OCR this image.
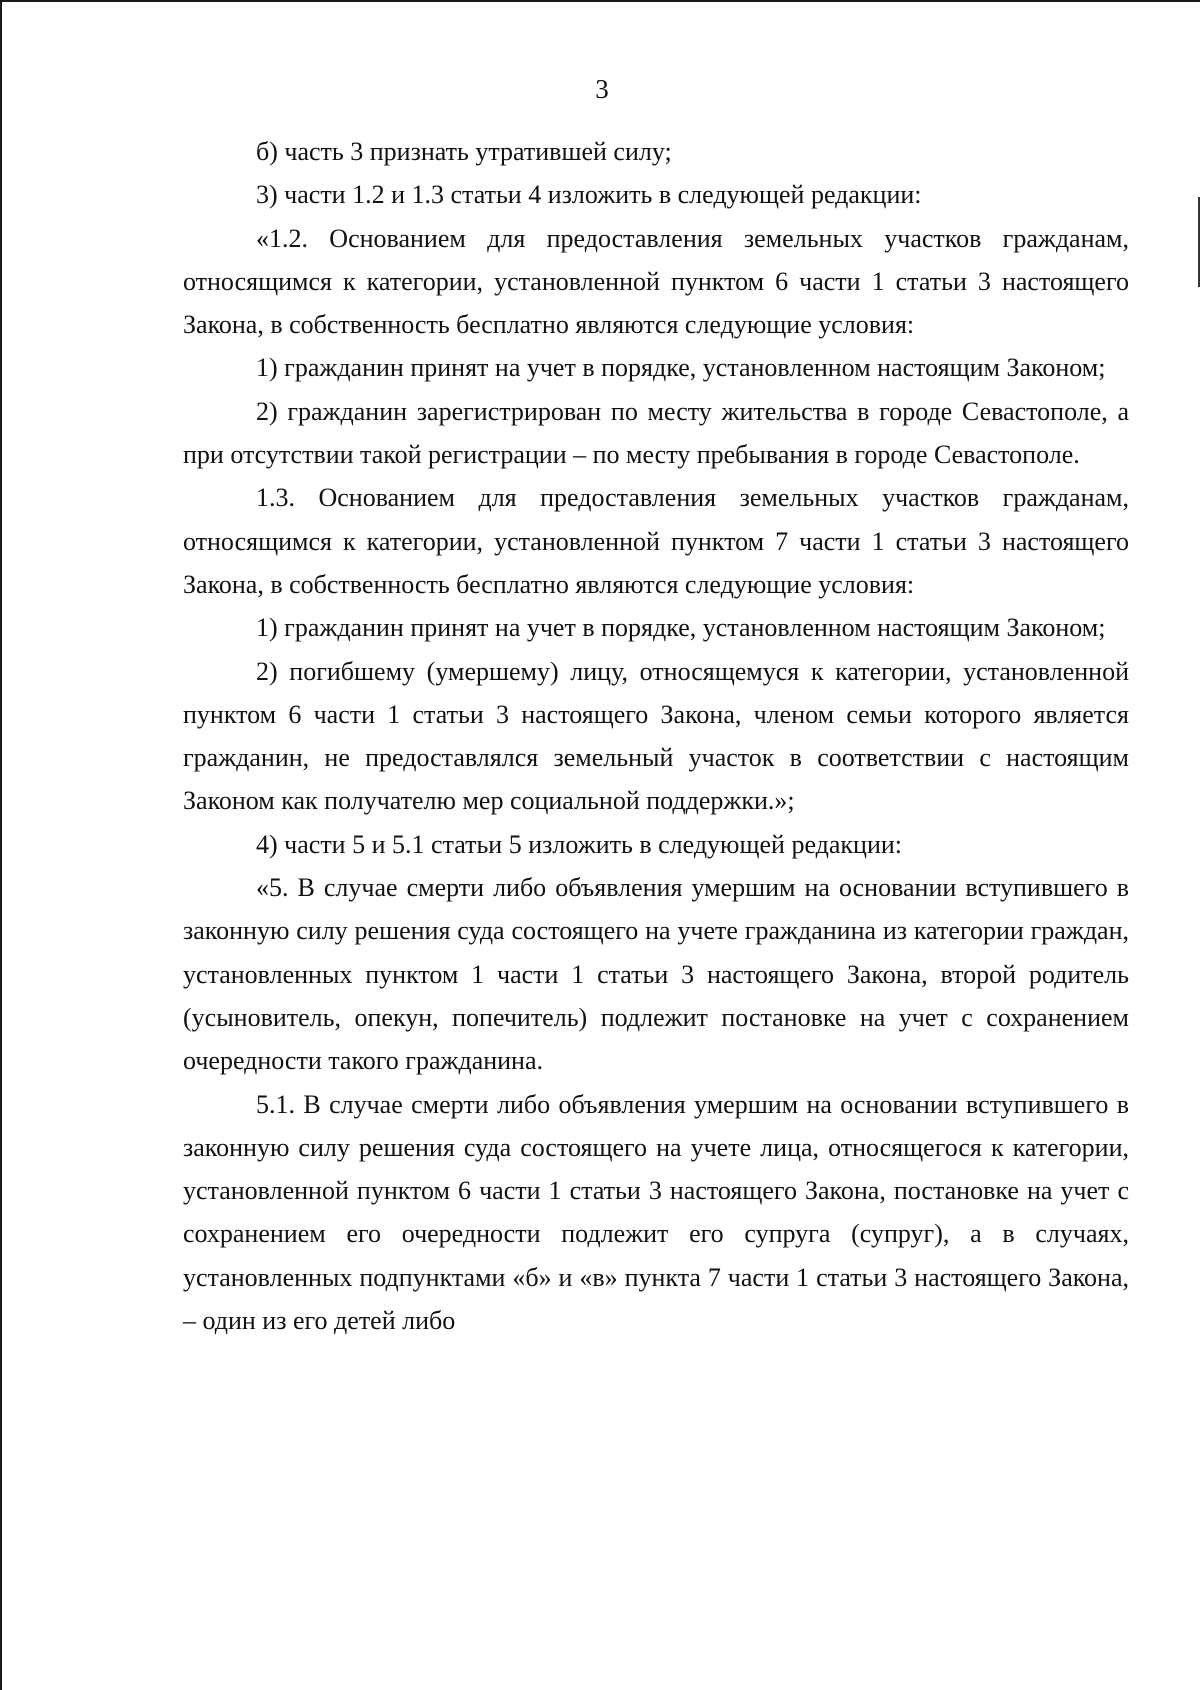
3

б) часть 3 признать утратившей силу;

3) части 1.2 и 1.3 статьи 4 изложить в следующей редакции:

«1.2. Основанием для предоставления земельных участков гражданам, относящимся к категории, установленной пунктом 6 части 1 статьи 3 настоящего Закона, в собственность бесплатно являются следующие условия:

1) гражданин принят на учет в порядке, установленном настоящим Законом;

2) гражданин зарегистрирован по месту жительства в городе Севастополе, а при отсутствии такой регистрации – по месту пребывания в городе Севастополе.

1.3. Основанием для предоставления земельных участков гражданам, относящимся к категории, установленной пунктом 7 части 1 статьи 3 настоящего Закона, в собственность бесплатно являются следующие условия:

1) гражданин принят на учет в порядке, установленном настоящим Законом;

2) погибшему (умершему) лицу, относящемуся к категории, установленной пунктом 6 части 1 статьи 3 настоящего Закона, членом семьи которого является гражданин, не предоставлялся земельный участок в соответствии с настоящим Законом как получателю мер социальной поддержки.»;

4) части 5 и 5.1 статьи 5 изложить в следующей редакции:

«5. В случае смерти либо объявления умершим на основании вступившего в законную силу решения суда состоящего на учете гражданина из категории граждан, установленных пунктом 1 части 1 статьи 3 настоящего Закона, второй родитель (усыновитель, опекун, попечитель) подлежит постановке на учет с сохранением очередности такого гражданина.

5.1. В случае смерти либо объявления умершим на основании вступившего в законную силу решения суда состоящего на учете лица, относящегося к категории, установленной пунктом 6 части 1 статьи 3 настоящего Закона, постановке на учет с сохранением его очередности подлежит его супруга (супруг), а в случаях, установленных подпунктами «б» и «в» пункта 7 части 1 статьи 3 настоящего Закона, – один из его детей либо
